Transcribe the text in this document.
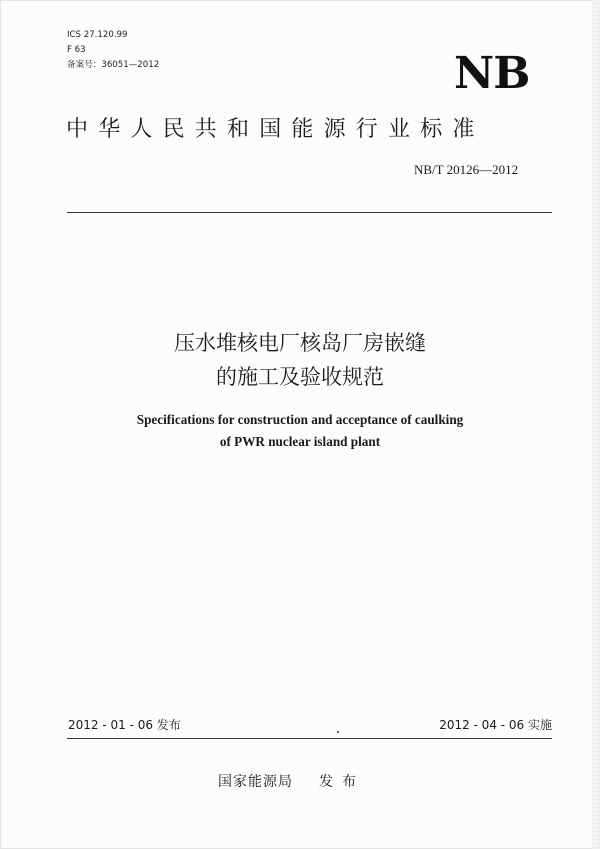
ICS 27.120.99
F 63
备案号：36051—2012	NB
中华人民共和国能源行业标准
NB/T 20126—2012
压水堆核电厂核岛厂房嵌缝
的施工及验收规范
Specifications for construction and acceptance of caulking
of PWR nuclear island plant
2012 - 01 - 06 发布	2012 - 04 - 06 实施
国家能源局 发布
